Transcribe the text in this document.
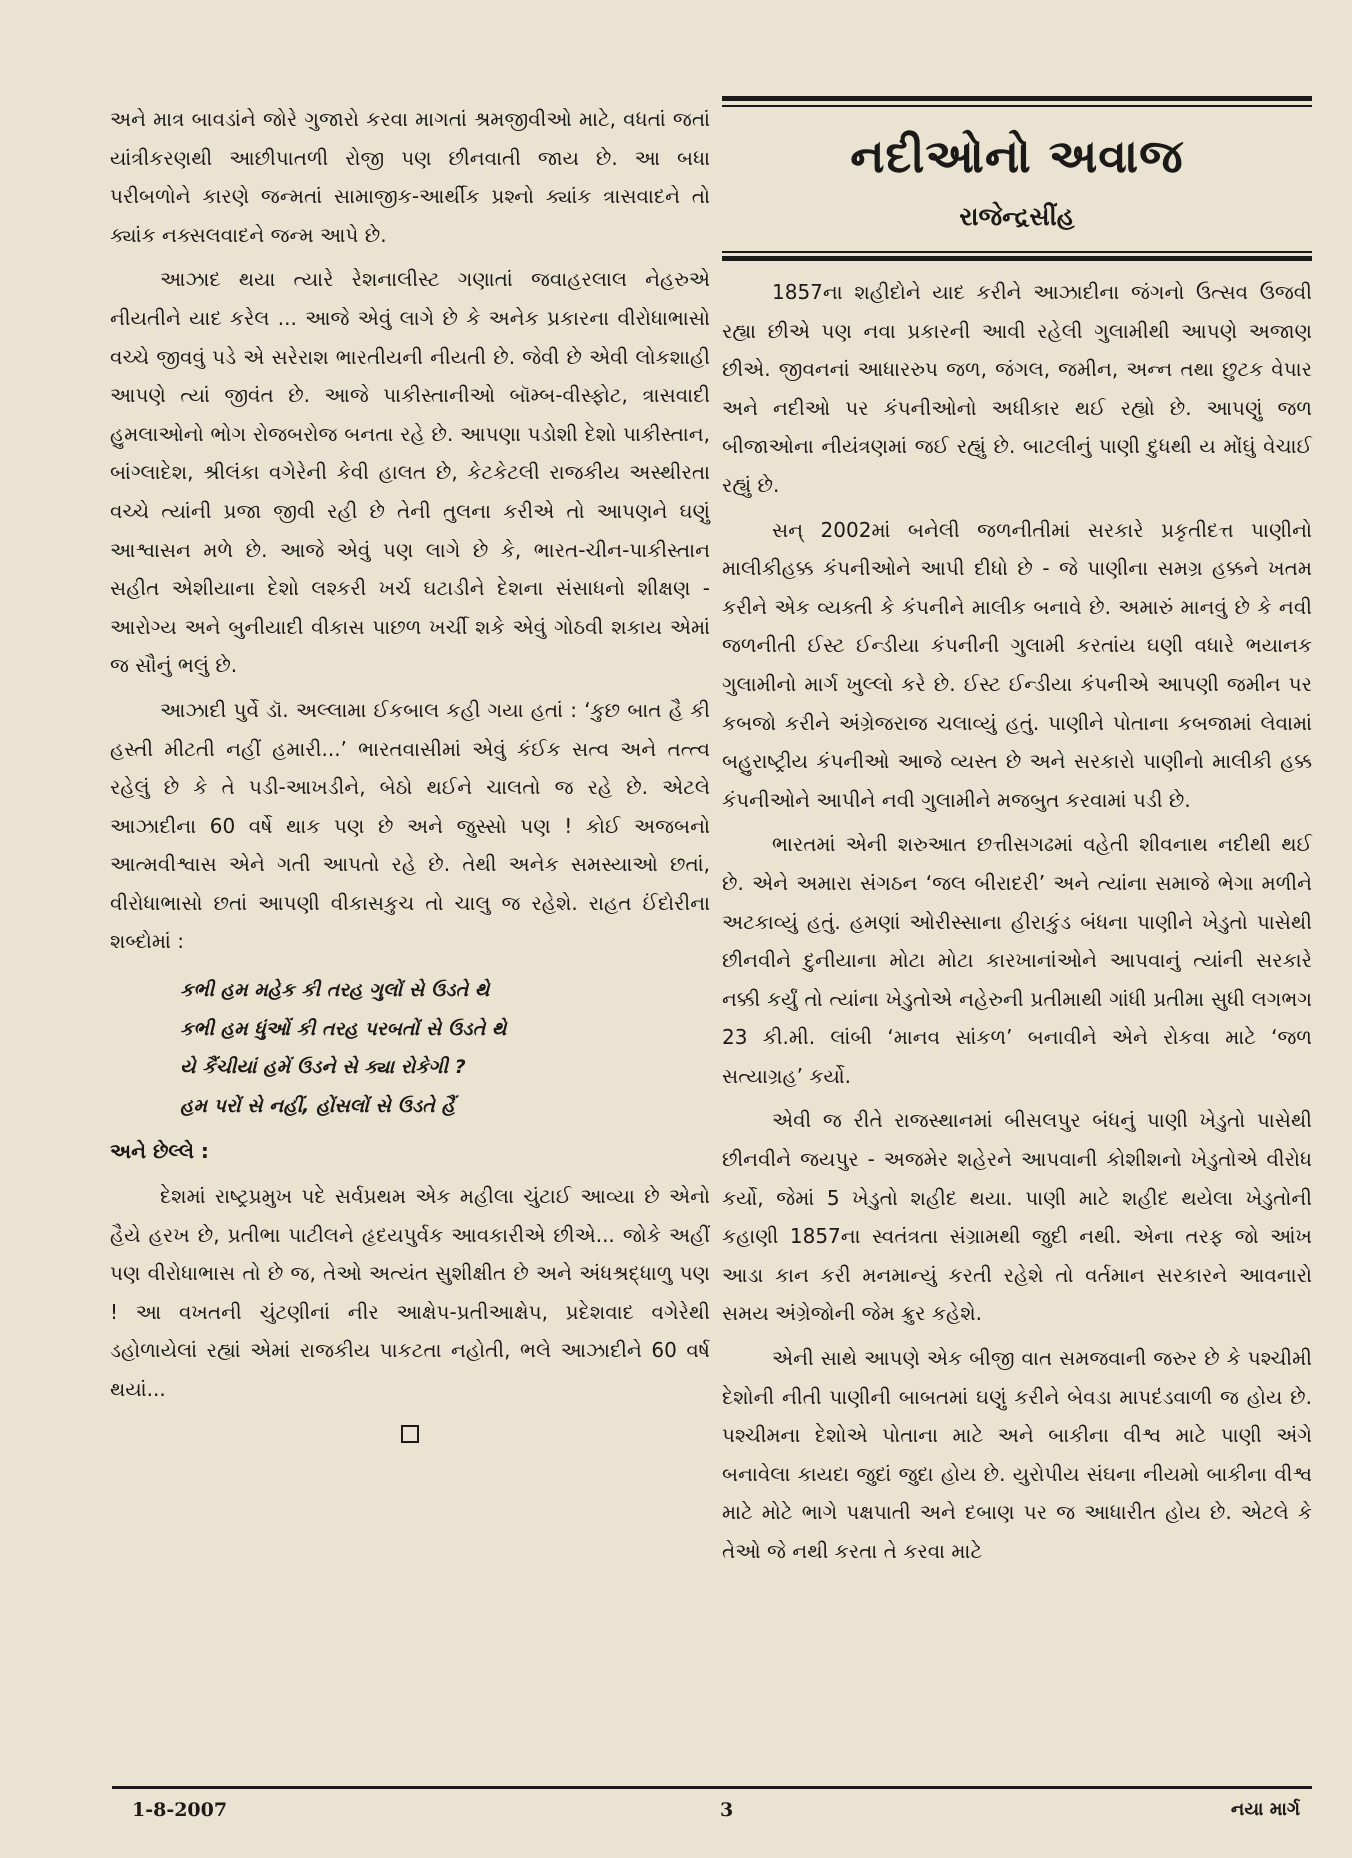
અને માત્ર બાવડાંને જોરે ગુજારો કરવા માગતાં શ્રમજીવીઓ માટે, વધતાં જતાં યાંત્રીકરણથી આછીપાતળી રોજી પણ છીનવાતી જાય છે. આ બધા પરીબળોને કારણે જન્મતાં સામાજીક-આર્થીક પ્રશ્નો ક્યાંક ત્રાસવાદને તો ક્યાંક નક્સલવાદને જન્મ આપે છે.

આઝાદ થયા ત્યારે રેશનાલીસ્ટ ગણાતાં જવાહરલાલ નેહરુએ નીયતીને યાદ કરેલ ... આજે એવું લાગે છે કે અનેક પ્રકારના વીરોધાભાસો વચ્ચે જીવવું પડે એ સરેરાશ ભારતીયની નીયતી છે. જેવી છે એવી લોકશાહી આપણે ત્યાં જીવંત છે. આજે પાકીસ્તાનીઓ બૉમ્બ-વીસ્ફોટ, ત્રાસવાદી હુમલાઓનો ભોગ રોજબરોજ બનતા રહે છે. આપણા પડોશી દેશો પાકીસ્તાન, બાંગ્લાદેશ, શ્રીલંકા વગેરેની કેવી હાલત છે, કેટકેટલી રાજકીય અસ્થીરતા વચ્ચે ત્યાંની પ્રજા જીવી રહી છે તેની તુલના કરીએ તો આપણને ઘણું આશ્વાસન મળે છે. આજે એવું પણ લાગે છે કે, ભારત-ચીન-પાકીસ્તાન સહીત એશીયાના દેશો લશ્કરી ખર્ચ ઘટાડીને દેશના સંસાધનો શીક્ષણ - આરોગ્ય અને બુનીયાદી વીકાસ પાછળ ખર્ચી શકે એવું ગોઠવી શકાય એમાં જ સૌનું ભલું છે.

આઝાદી પુર્વે ડૉ. અલ્લામા ઈકબાલ કહી ગયા હતાં : ‘કુછ બાત હૈ કી હસ્તી મીટતી નહીં હમારી...’ ભારતવાસીમાં એવું કંઈક સત્વ અને તત્ત્વ રહેલું છે કે તે પડી-આખડીને, બેઠો થઈને ચાલતો જ રહે છે. એટલે આઝાદીના 60 વર્ષે થાક પણ છે અને જુસ્સો પણ ! કોઈ અજબનો આત્મવીશ્વાસ એને ગતી આપતો રહે છે. તેથી અનેક સમસ્યાઓ છતાં, વીરોધાભાસો છતાં આપણી વીકાસકુચ તો ચાલુ જ રહેશે. રાહત ઈંદોરીના શબ્દોમાં :

કભી હમ મહેક કી તરહ ગુલોં સે ઉડતે થે
કભી હમ ધુંઓં કી તરહ પરબતોં સે ઉડતે થે
યે કૈંચીયાં હમેં ઉડને સે ક્યા રોકેગી ?
હમ પરોં સે નહીં, હોંસલોં સે ઉડતે હૈં
અને છેલ્લે :

દેશમાં રાષ્ટ્રપ્રમુખ પદે સર્વપ્રથમ એક મહીલા ચુંટાઈ આવ્યા છે એનો હૈયે હરખ છે, પ્રતીભા પાટીલને હૃદયપુર્વક આવકારીએ છીએ... જોકે અહીં પણ વીરોધાભાસ તો છે જ, તેઓ અત્યંત સુશીક્ષીત છે અને અંધશ્રદ્ધાળુ પણ ! આ વખતની ચુંટણીનાં નીર આક્ષેપ-પ્રતીઆક્ષેપ, પ્રદેશવાદ વગેરેથી ડહોળાયેલાં રહ્યાં એમાં રાજકીય પાકટતા નહોતી, ભલે આઝાદીને 60 વર્ષ થયાં...

નદીઓનો અવાજ
રાજેન્દ્રસીંહ

1857ના શહીદોને યાદ કરીને આઝાદીના જંગનો ઉત્સવ ઉજવી રહ્યા છીએ પણ નવા પ્રકારની આવી રહેલી ગુલામીથી આપણે અજાણ છીએ. જીવનનાં આધારરુપ જળ, જંગલ, જમીન, અન્ન તથા છુટક વેપાર અને નદીઓ પર કંપનીઓનો અધીકાર થઈ રહ્યો છે. આપણું જળ બીજાઓના નીયંત્રણમાં જઈ રહ્યું છે. બાટલીનું પાણી દુધથી ય મોંઘું વેચાઈ રહ્યું છે.

સન્ 2002માં બનેલી જળનીતીમાં સરકારે પ્રકૃતીદત્ત પાણીનો માલીકીહક્ક કંપનીઓને આપી દીધો છે - જે પાણીના સમગ્ર હક્કને ખતમ કરીને એક વ્યક્તી કે કંપનીને માલીક બનાવે છે. અમારું માનવું છે કે નવી જળનીતી ઈસ્ટ ઈન્ડીયા કંપનીની ગુલામી કરતાંય ઘણી વધારે ભયાનક ગુલામીનો માર્ગ ખુલ્લો કરે છે. ઈસ્ટ ઈન્ડીયા કંપનીએ આપણી જમીન પર કબજો કરીને અંગ્રેજરાજ ચલાવ્યું હતું. પાણીને પોતાના કબજામાં લેવામાં બહુરાષ્ટ્રીય કંપનીઓ આજે વ્યસ્ત છે અને સરકારો પાણીનો માલીકી હક્ક કંપનીઓને આપીને નવી ગુલામીને મજબુત કરવામાં પડી છે.

ભારતમાં એની શરુઆત છત્તીસગઢમાં વહેતી શીવનાથ નદીથી થઈ છે. એને અમારા સંગઠન ‘જલ બીરાદરી’ અને ત્યાંના સમાજે ભેગા મળીને અટકાવ્યું હતું. હમણાં ઓરીસ્સાના હીરાકુંડ બંધના પાણીને ખેડુતો પાસેથી છીનવીને દુનીયાના મોટા મોટા કારખાનાંઓને આપવાનું ત્યાંની સરકારે નક્કી કર્યું તો ત્યાંના ખેડુતોએ નહેરુની પ્રતીમાથી ગાંધી પ્રતીમા સુધી લગભગ 23 કી.મી. લાંબી ‘માનવ સાંકળ’ બનાવીને એને રોકવા માટે ‘જળ સત્યાગ્રહ’ કર્યો.

એવી જ રીતે રાજસ્થાનમાં બીસલપુર બંધનું પાણી ખેડુતો પાસેથી છીનવીને જયપુર - અજમેર શહેરને આપવાની કોશીશનો ખેડુતોએ વીરોધ કર્યો, જેમાં 5 ખેડુતો શહીદ થયા. પાણી માટે શહીદ થયેલા ખેડુતોની કહાણી 1857ના સ્વતંત્રતા સંગ્રામથી જુદી નથી. એના તરફ જો આંખ આડા કાન કરી મનમાન્યું કરતી રહેશે તો વર્તમાન સરકારને આવનારો સમય અંગ્રેજોની જેમ ક્રુર કહેશે.

એની સાથે આપણે એક બીજી વાત સમજવાની જરુર છે કે પશ્ચીમી દેશોની નીતી પાણીની બાબતમાં ઘણું કરીને બેવડા માપદંડવાળી જ હોય છે. પશ્ચીમના દેશોએ પોતાના માટે અને બાકીના વીશ્વ માટે પાણી અંગે બનાવેલા કાયદા જુદાં જુદા હોય છે. યુરોપીય સંઘના નીયમો બાકીના વીશ્વ માટે મોટે ભાગે પક્ષપાતી અને દબાણ પર જ આધારીત હોય છે. એટલે કે તેઓ જે નથી કરતા તે કરવા માટે

1-8-2007	3	નયા માર્ગ
